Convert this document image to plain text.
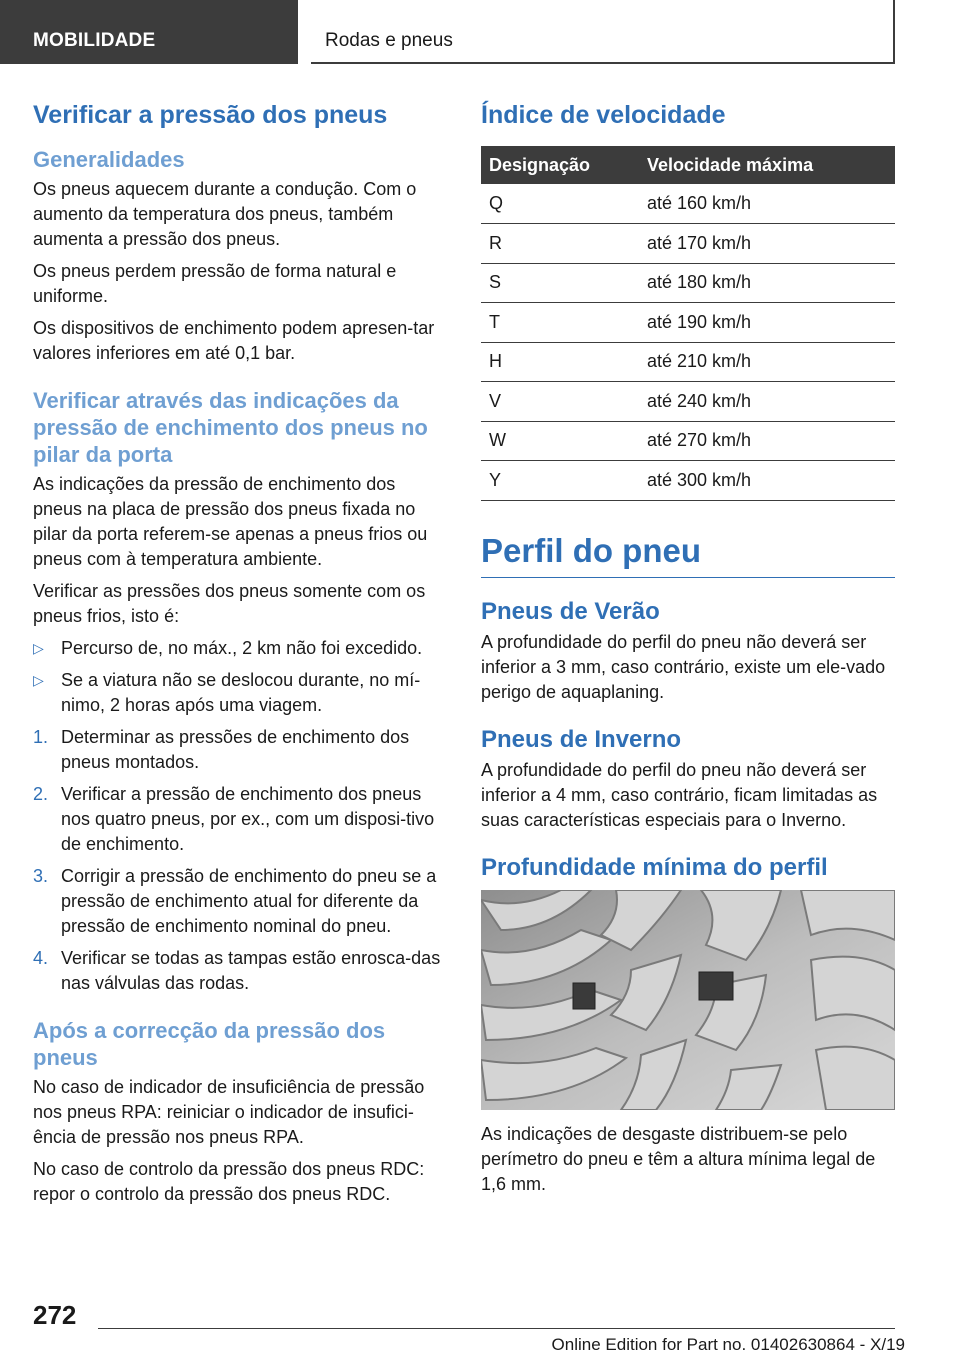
MOBILIDADE	Rodas e pneus
Verificar a pressão dos pneus
Generalidades

Os pneus aquecem durante a condução. Com o aumento da temperatura dos pneus, também aumenta a pressão dos pneus.

Os pneus perdem pressão de forma natural e uniforme.

Os dispositivos de enchimento podem apresen-tar valores inferiores em até 0,1 bar.

Verificar através das indicações da pressão de enchimento dos pneus no pilar da porta

As indicações da pressão de enchimento dos pneus na placa de pressão dos pneus fixada no pilar da porta referem-se apenas a pneus frios ou pneus com à temperatura ambiente.

Verificar as pressões dos pneus somente com os pneus frios, isto é:

▷ Percurso de, no máx., 2 km não foi excedido.
▷ Se a viatura não se deslocou durante, no mí-nimo, 2 horas após uma viagem.
1. Determinar as pressões de enchimento dos pneus montados.
2. Verificar a pressão de enchimento dos pneus nos quatro pneus, por ex., com um disposi-tivo de enchimento.
3. Corrigir a pressão de enchimento do pneu se a pressão de enchimento atual for diferente da pressão de enchimento nominal do pneu.
4. Verificar se todas as tampas estão enrosca-das nas válvulas das rodas.
Após a correcção da pressão dos pneus

No caso de indicador de insuficiência de pressão nos pneus RPA: reiniciar o indicador de insufici-ência de pressão nos pneus RPA.

No caso de controlo da pressão dos pneus RDC: repor o controlo da pressão dos pneus RDC.

Índice de velocidade
Designação	Velocidade máxima
Q	até 160 km/h
R	até 170 km/h
S	até 180 km/h
T	até 190 km/h
H	até 210 km/h
V	até 240 km/h
W	até 270 km/h
Y	até 300 km/h
Perfil do pneu
Pneus de Verão

A profundidade do perfil do pneu não deverá ser inferior a 3 mm, caso contrário, existe um ele-vado perigo de aquaplaning.

Pneus de Inverno

A profundidade do perfil do pneu não deverá ser inferior a 4 mm, caso contrário, ficam limitadas as suas características especiais para o Inverno.

Profundidade mínima do perfil

As indicações de desgaste distribuem-se pelo perímetro do pneu e têm a altura mínima legal de 1,6 mm.

272
Online Edition for Part no. 01402630864 - X/19
